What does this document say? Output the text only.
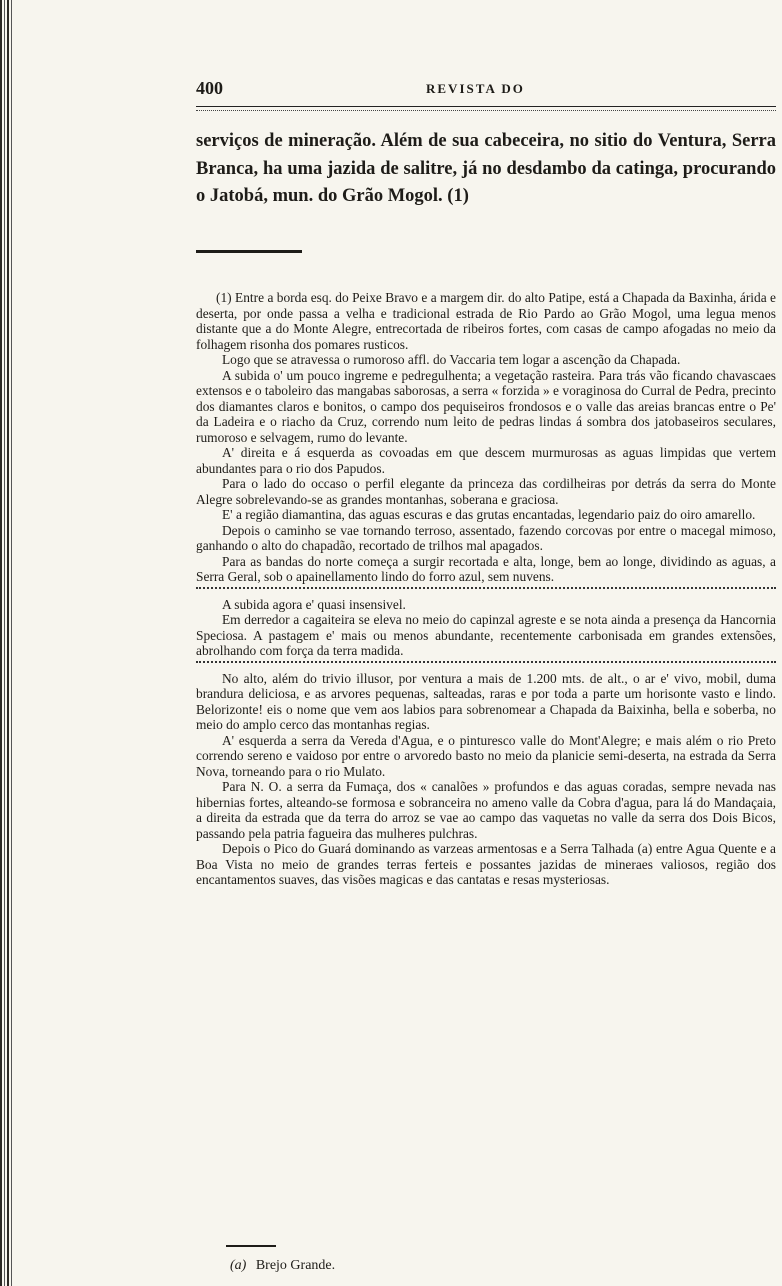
400	REVISTA DO

serviços de mineração. Além de sua cabeceira, no sitio do Ventura, Serra Branca, ha uma jazida de salitre, já no desdambo da catinga, procurando o Jatobá, mun. do Grão Mogol. (1)

(1) Entre a borda esq. do Peixe Bravo e a margem dir. do alto Patipe, está a Chapada da Baxinha, árida e deserta, por onde passa a velha e tradicional estrada de Rio Pardo ao Grão Mogol, uma legua menos distante que a do Monte Alegre, entrecortada de ribeiros fortes, com casas de campo afogadas no meio da folhagem risonha dos pomares rusticos.

Logo que se atravessa o rumoroso affl. do Vaccaria tem logar a ascenção da Chapada.

A subida o' um pouco ingreme e pedregulhenta; a vegetação rasteira. Para trás vão ficando chavascaes extensos e o taboleiro das mangabas saborosas, a serra « forzida » e voraginosa do Curral de Pedra, precinto dos diamantes claros e bonitos, o campo dos pequiseiros frondosos e o valle das areias brancas entre o Pe' da Ladeira e o riacho da Cruz, correndo num leito de pedras lindas á sombra dos jatobaseiros seculares, rumoroso e selvagem, rumo do levante.

A' direita e á esquerda as covoadas em que descem murmurosas as aguas limpidas que vertem abundantes para o rio dos Papudos.

Para o lado do occaso o perfil elegante da princeza das cordilheiras por detrás da serra do Monte Alegre sobrelevando-se as grandes montanhas, soberana e graciosa.

E' a região diamantina, das aguas escuras e das grutas encantadas, legendario paiz do oiro amarello.

Depois o caminho se vae tornando terroso, assentado, fazendo corcovas por entre o macegal mimoso, ganhando o alto do chapadão, recortado de trilhos mal apagados.

Para as bandas do norte começa a surgir recortada e alta, longe, bem ao longe, dividindo as aguas, a Serra Geral, sob o apainellamento lindo do forro azul, sem nuvens.

A subida agora e' quasi insensivel.

Em derredor a cagaiteira se eleva no meio do capinzal agreste e se nota ainda a presença da Hancornia Speciosa. A pastagem e' mais ou menos abundante, recentemente carbonisada em grandes extensões, abrolhando com força da terra madida.

No alto, além do trivio illusor, por ventura a mais de 1.200 mts. de alt., o ar e' vivo, mobil, duma brandura deliciosa, e as arvores pequenas, salteadas, raras e por toda a parte um horisonte vasto e lindo. Belorizonte! eis o nome que vem aos labios para sobrenomear a Chapada da Baixinha, bella e soberba, no meio do amplo cerco das montanhas regias.

A' esquerda a serra da Vereda d'Agua, e o pinturesco valle do Mont'Alegre; e mais além o rio Preto correndo sereno e vaidoso por entre o arvoredo basto no meio da planicie semi-deserta, na estrada da Serra Nova, torneando para o rio Mulato.

Para N. O. a serra da Fumaça, dos « canalões » profundos e das aguas coradas, sempre nevada nas hibernias fortes, alteando-se formosa e sobranceira no ameno valle da Cobra d'agua, para lá do Mandaçaia, a direita da estrada que da terra do arroz se vae ao campo das vaquetas no valle da serra dos Dois Bicos, passando pela patria fagueira das mulheres pulchras.

Depois o Pico do Guará dominando as varzeas armentosas e a Serra Talhada (a) entre Agua Quente e a Boa Vista no meio de grandes terras ferteis e possantes jazidas de mineraes valiosos, região dos encantamentos suaves, das visões magicas e das cantatas e resas mysteriosas.

(a) Brejo Grande.
